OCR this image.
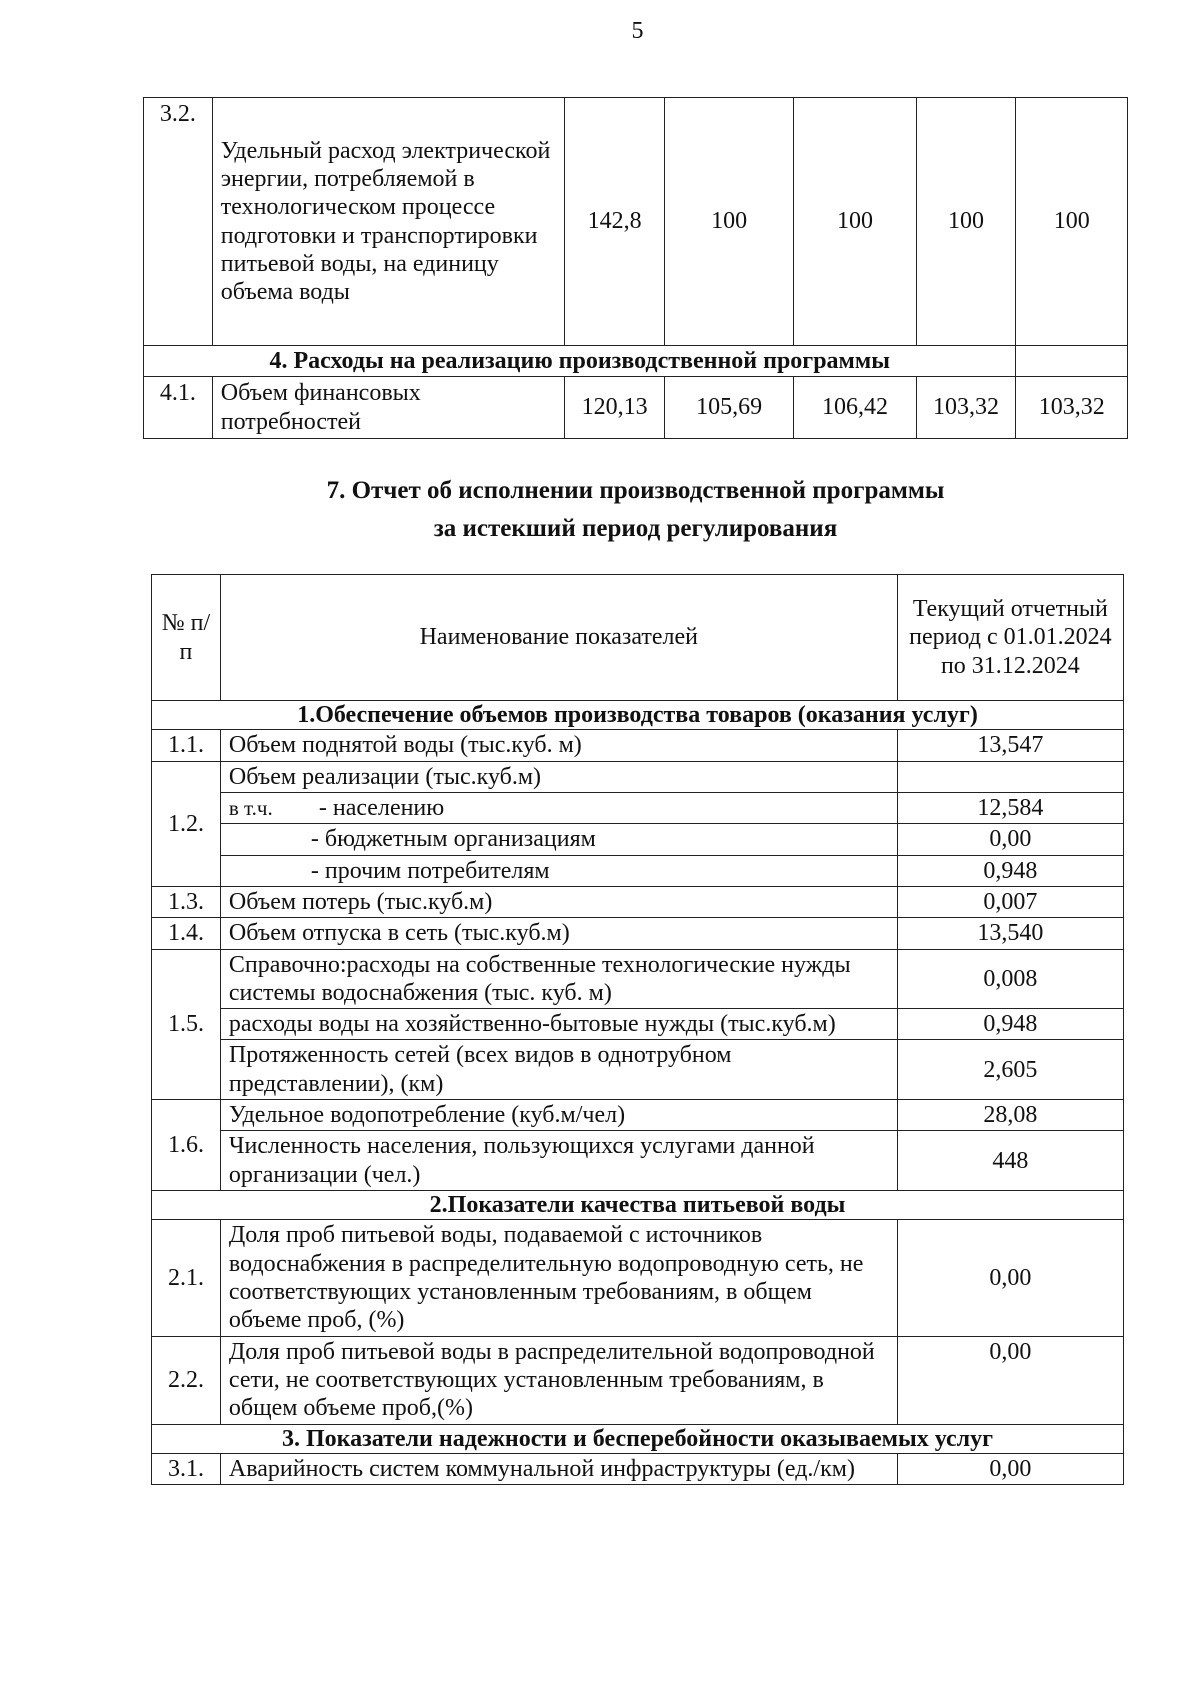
5
3.2.	Удельный расход электрической энергии, потребляемой в технологическом процессе подготовки и транспортировки питьевой воды, на единицу объема воды	142,8	100	100	100	100
4. Расходы на реализацию производственной программы						
4.1.	Объем финансовых потребностей	120,13	105,69	106,42	103,32	103,32
7. Отчет об исполнении производственной программы
за истекший период регулирования
№ п/п	Наименование показателей	Текущий отчетный период с 01.01.2024 по 31.12.2024
1.Обеспечение объемов производства товаров (оказания услуг)		
1.1.	Объем поднятой воды (тыс.куб. м)	13,547
1.2.	Объем реализации (тыс.куб.м)	
	в т.ч. - населению	12,584
	- бюджетным организациям	0,00
	- прочим потребителям	0,948
1.3.	Объем потерь (тыс.куб.м)	0,007
1.4.	Объем отпуска в сеть (тыс.куб.м)	13,540
1.5.	Справочно:расходы на собственные технологические нужды системы водоснабжения (тыс. куб. м)	0,008
	расходы воды на хозяйственно-бытовые нужды (тыс.куб.м)	0,948
	Протяженность сетей (всех видов в однотрубном представлении), (км)	2,605
1.6.	Удельное водопотребление (куб.м/чел)	28,08
	Численность населения, пользующихся услугами данной организации (чел.)	448
2.Показатели качества питьевой воды		
2.1.	Доля проб питьевой воды, подаваемой с источников водоснабжения в распределительную водопроводную сеть, не соответствующих установленным требованиям, в общем объеме проб, (%)	0,00
2.2.	Доля проб питьевой воды в распределительной водопроводной сети, не соответствующих установленным требованиям, в общем объеме проб,(%)	0,00
3. Показатели надежности и бесперебойности оказываемых услуг		
3.1.	Аварийность систем коммунальной инфраструктуры (ед./км)	0,00
